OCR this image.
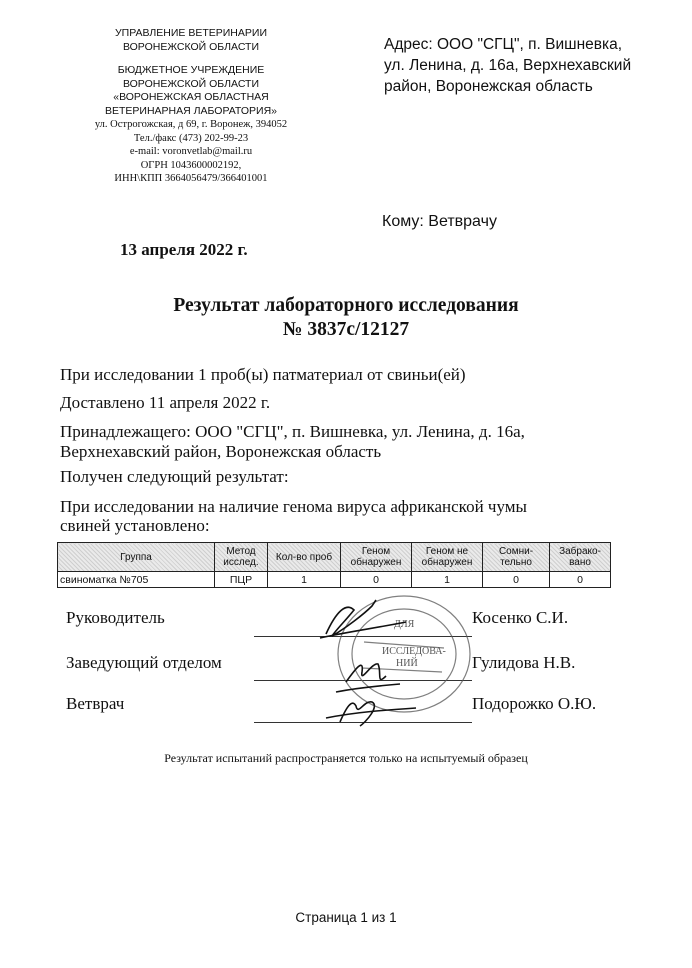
УПРАВЛЕНИЕ ВЕТЕРИНАРИИ
ВОРОНЕЖСКОЙ ОБЛАСТИ
БЮДЖЕТНОЕ УЧРЕЖДЕНИЕ
ВОРОНЕЖСКОЙ ОБЛАСТИ
«ВОРОНЕЖСКАЯ ОБЛАСТНАЯ
ВЕТЕРИНАРНАЯ ЛАБОРАТОРИЯ»
ул. Острогожская, д 69, г. Воронеж, 394052
Тел./факс (473) 202-99-23
e-mail: voronvetlab@mail.ru
ОГРН 1043600002192,
ИНН\КПП 3664056479/366401001
Адрес: ООО "СГЦ", п. Вишневка,
ул. Ленина, д. 16а, Верхнехавский
район, Воронежская область
Кому: Ветврачу
13 апреля 2022 г.
Результат лабораторного исследования
№ 3837с/12127
При исследовании 1 проб(ы) патматериал от свиньи(ей)
Доставлено 11 апреля 2022 г.
Принадлежащего: ООО "СГЦ", п. Вишневка, ул. Ленина, д. 16а,
Верхнехавский район, Воронежская область
Получен следующий результат:
При исследовании на наличие генома вируса африканской чумы
свиней установлено:
Группа	Метод исслед.	Кол-во проб	Геном обнаружен	Геном не обнаружен	Сомни-тельно	Забрако-вано
свиноматка №705	ПЦР	1	0	1	0	0
Руководитель	Косенко С.И.
Заведующий отделом	Гулидова Н.В.
Ветврач	Подорожко О.Ю.
ДЛЯ
ИССЛЕДОВА-
НИЙ
Результат испытаний распространяется только на испытуемый образец
Страница 1 из 1
